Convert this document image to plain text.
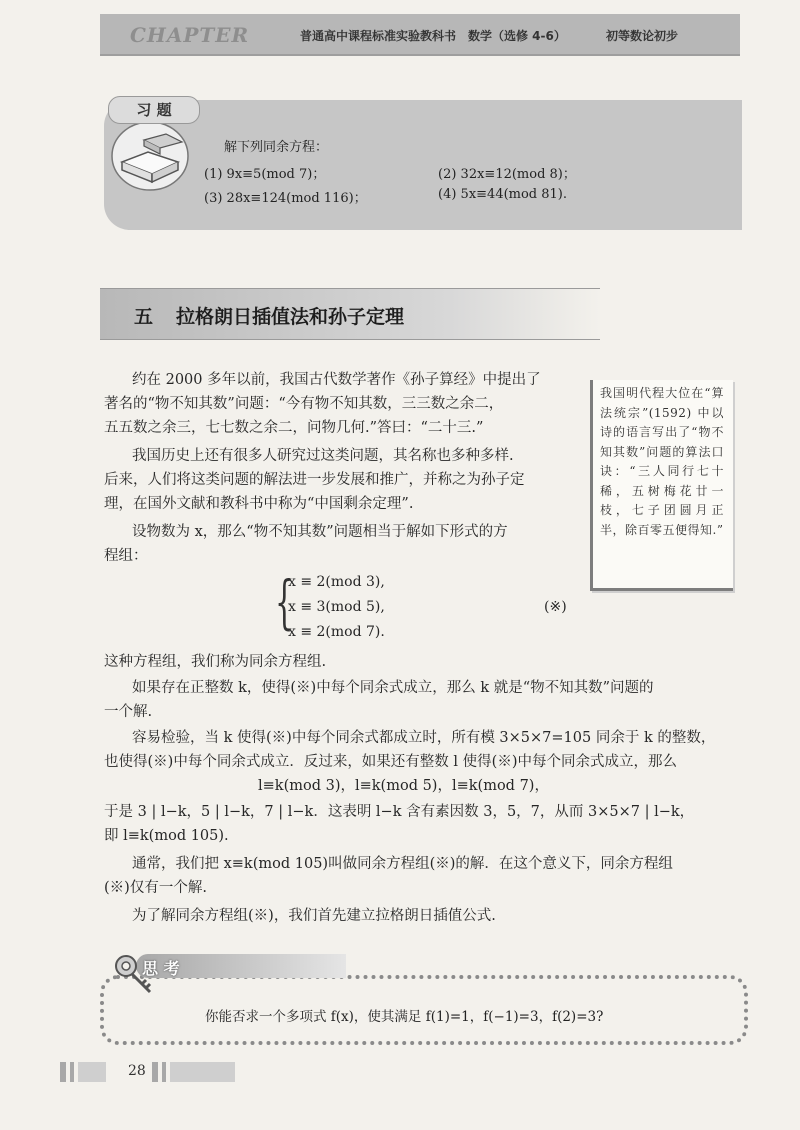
CHAPTER	普通高中课程标准实验教科书　数学（选修 4-6）	初等数论初步
习 题
解下列同余方程：
(1) 9x≡5(mod 7)；	(2) 32x≡12(mod 8)；
(3) 28x≡124(mod 116)；	(4) 5x≡44(mod 81).
五 拉格朗日插值法和孙子定理
约在 2000 多年以前，我国古代数学著作《孙子算经》中提出了
著名的“物不知其数”问题：“今有物不知其数，三三数之余二，
五五数之余三，七七数之余二，问物几何.”答曰：“二十三.”
我国历史上还有很多人研究过这类问题，其名称也多种多样.
后来，人们将这类问题的解法进一步发展和推广，并称之为孙子定
理，在国外文献和教科书中称为“中国剩余定理”.
设物数为 x，那么“物不知其数”问题相当于解如下形式的方
程组：
我国明代程大位在“算法统宗”(1592) 中以诗的语言写出了“物不知其数”问题的算法口诀：“三人同行七十稀，五树梅花廿一枝，七子团圆月正半，除百零五便得知.”
{
x ≡ 2(mod 3),
x ≡ 3(mod 5),
x ≡ 2(mod 7).
(※)
这种方程组，我们称为同余方程组.
如果存在正整数 k，使得(※)中每个同余式成立，那么 k 就是“物不知其数”问题的
一个解.
容易检验，当 k 使得(※)中每个同余式都成立时，所有模 3×5×7=105 同余于 k 的整数，
也使得(※)中每个同余式成立．反过来，如果还有整数 l 使得(※)中每个同余式成立，那么
l≡k(mod 3)，l≡k(mod 5)，l≡k(mod 7)，
于是 3 | l−k，5 | l−k，7 | l−k．这表明 l−k 含有素因数 3，5，7，从而 3×5×7 | l−k，
即 l≡k(mod 105).
通常，我们把 x≡k(mod 105)叫做同余方程组(※)的解．在这个意义下，同余方程组
(※)仅有一个解.
为了解同余方程组(※)，我们首先建立拉格朗日插值公式.
思 考
你能否求一个多项式 f(x)，使其满足 f(1)=1，f(−1)=3，f(2)=3?
28
